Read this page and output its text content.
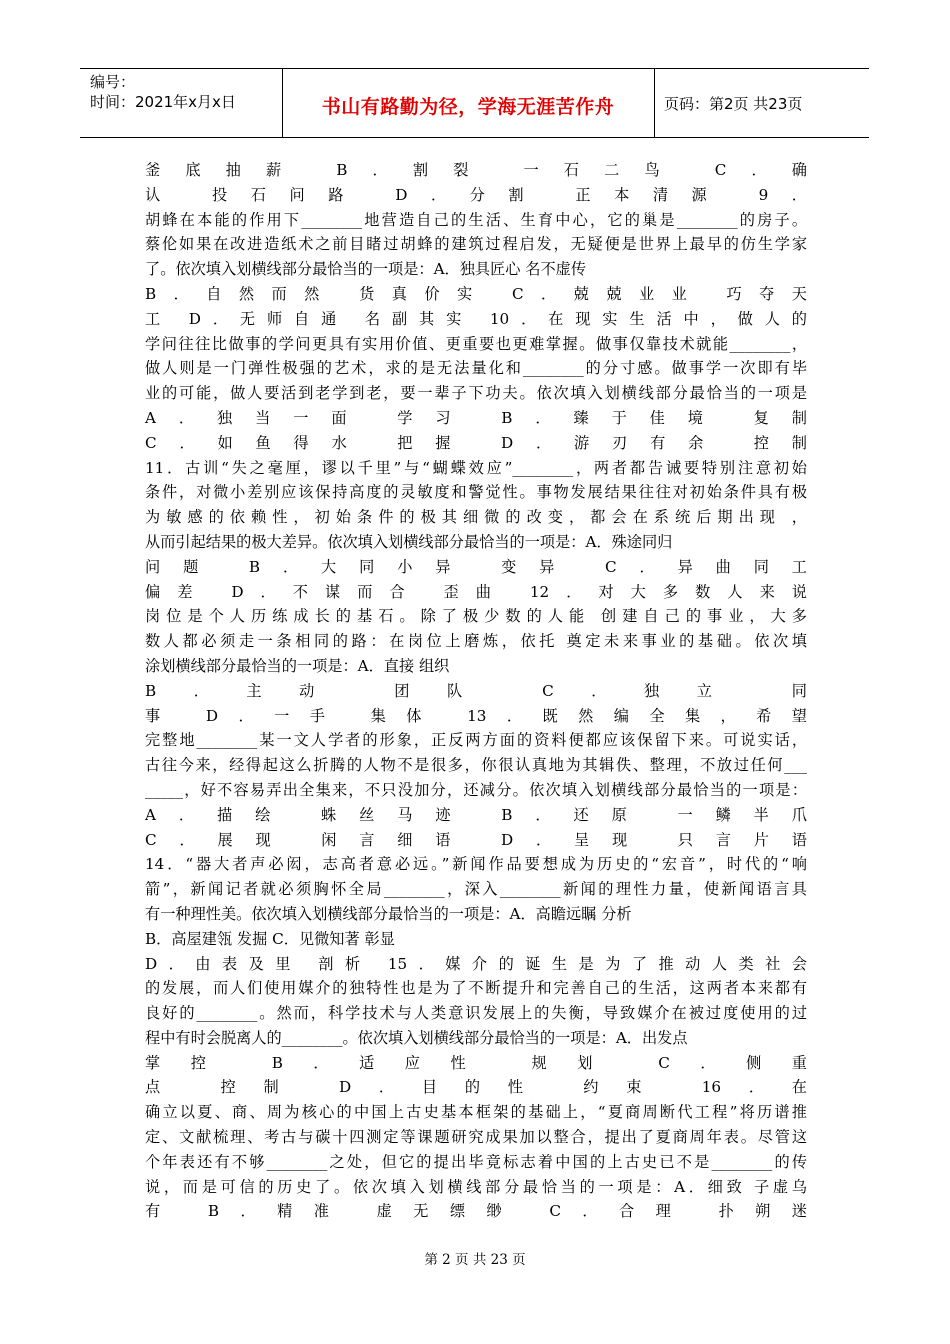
编号：
时间：2021年x月x日	书山有路勤为径，学海无涯苦作舟	页码：第2页 共23页
釜底抽薪 B．割裂 一石二鸟 C．确
认 投石问路 D．分割 正本清源 9．
胡蜂在本能的作用下________地营造自己的生活、生育中心，它的巢是________的房子。
蔡伦如果在改进造纸术之前目睹过胡蜂的建筑过程启发，无疑便是世界上最早的仿生学家
了。依次填入划横线部分最恰当的一项是：A．独具匠心 名不虚传
B．自然而然 货真价实 C．兢兢业业 巧夺天
工 D．无师自通 名副其实 10．在现实生活中，做人的
学问往往比做事的学问更具有实用价值、更重要也更难掌握。做事仅靠技术就能________，
做人则是一门弹性极强的艺术，求的是无法量化和________的分寸感。做事学一次即有毕
业的可能，做人要活到老学到老，要一辈子下功夫。依次填入划横线部分最恰当的一项是
A．独当一面 学习 B．臻于佳境 复制
C．如鱼得水 把握 D．游刃有余 控制
11．古训“失之毫厘，谬以千里”与“蝴蝶效应”________，两者都告诫要特别注意初始
条件，对微小差别应该保持高度的灵敏度和警觉性。事物发展结果往往对初始条件具有极
为敏感的依赖性，初始条件的极其细微的改变，都会在系统后期出现 ，
从而引起结果的极大差异。依次填入划横线部分最恰当的一项是：A．殊途同归
问题 B．大同小异 变异 C．异曲同工
偏差 D．不谋而合 歪曲 12．对大多数人来说
岗位是个人历练成长的基石。除了极少数的人能 创建自己的事业，大多
数人都必须走一条相同的路：在岗位上磨炼，依托 奠定未来事业的基础。依次填
涂划横线部分最恰当的一项是：A．直接 组织
B．主动 团队 C．独立 同
事 D．一手 集体 13．既然编全集，希望
完整地________某一文人学者的形象，正反两方面的资料便都应该保留下来。可说实话，
古往今来，经得起这么折腾的人物不是很多，你很认真地为其辑佚、整理，不放过任何___
_____，好不容易弄出全集来，不只没加分，还减分。依次填入划横线部分最恰当的一项是：
A．描绘 蛛丝马迹 B．还原 一鳞半爪
C．展现 闲言细语 D．呈现 只言片语
14．“器大者声必闳，志高者意必远。”新闻作品要想成为历史的“宏音”，时代的“响
箭”，新闻记者就必须胸怀全局________，深入________新闻的理性力量，使新闻语言具
有一种理性美。依次填入划横线部分最恰当的一项是：A．高瞻远瞩 分析
B．高屋建瓴 发掘 C．见微知著 彰显
D．由表及里 剖析 15．媒介的诞生是为了推动人类社会
的发展，而人们使用媒介的独特性也是为了不断提升和完善自己的生活，这两者本来都有
良好的________。然而，科学技术与人类意识发展上的失衡，导致媒介在被过度使用的过
程中有时会脱离人的________。依次填入划横线部分最恰当的一项是：A．出发点
掌控 B．适应性 规划 C．侧重
点 控制 D．目的性 约束 16．在
确立以夏、商、周为核心的中国上古史基本框架的基础上，“夏商周断代工程”将历谱推
定、文献梳理、考古与碳十四测定等课题研究成果加以整合，提出了夏商周年表。尽管这
个年表还有不够________之处，但它的提出毕竟标志着中国的上古史已不是________的传
说，而是可信的历史了。依次填入划横线部分最恰当的一项是：A．细致 子虚乌
有 B．精准 虚无缥缈 C．合理 扑朔迷
第 2 页 共 23 页
